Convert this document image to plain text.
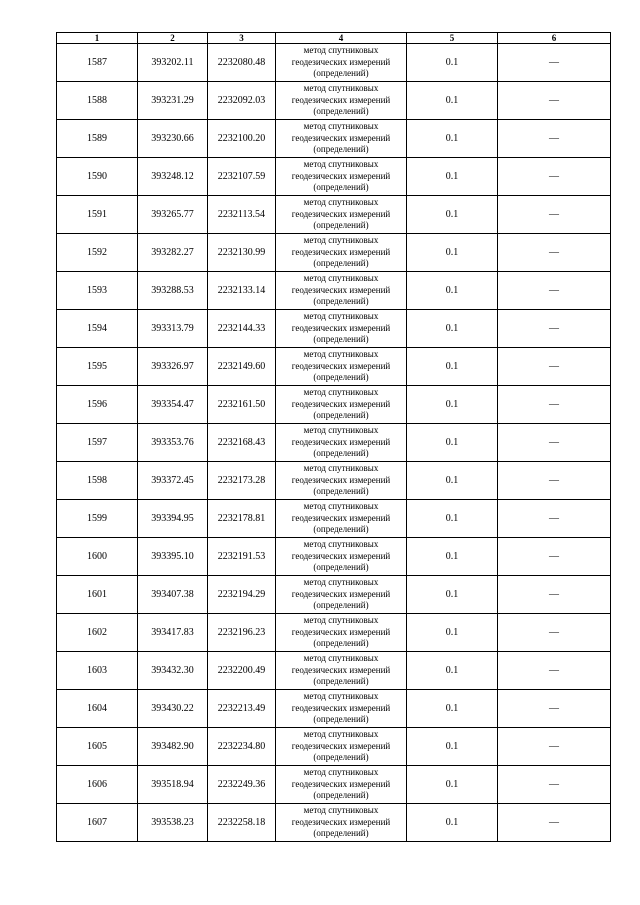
1	2	3	4	5	6
1587	393202.11	2232080.48	метод спутниковых
геодезических измерений
(определений)	0.1	—
1588	393231.29	2232092.03	метод спутниковых
геодезических измерений
(определений)	0.1	—
1589	393230.66	2232100.20	метод спутниковых
геодезических измерений
(определений)	0.1	—
1590	393248.12	2232107.59	метод спутниковых
геодезических измерений
(определений)	0.1	—
1591	393265.77	2232113.54	метод спутниковых
геодезических измерений
(определений)	0.1	—
1592	393282.27	2232130.99	метод спутниковых
геодезических измерений
(определений)	0.1	—
1593	393288.53	2232133.14	метод спутниковых
геодезических измерений
(определений)	0.1	—
1594	393313.79	2232144.33	метод спутниковых
геодезических измерений
(определений)	0.1	—
1595	393326.97	2232149.60	метод спутниковых
геодезических измерений
(определений)	0.1	—
1596	393354.47	2232161.50	метод спутниковых
геодезических измерений
(определений)	0.1	—
1597	393353.76	2232168.43	метод спутниковых
геодезических измерений
(определений)	0.1	—
1598	393372.45	2232173.28	метод спутниковых
геодезических измерений
(определений)	0.1	—
1599	393394.95	2232178.81	метод спутниковых
геодезических измерений
(определений)	0.1	—
1600	393395.10	2232191.53	метод спутниковых
геодезических измерений
(определений)	0.1	—
1601	393407.38	2232194.29	метод спутниковых
геодезических измерений
(определений)	0.1	—
1602	393417.83	2232196.23	метод спутниковых
геодезических измерений
(определений)	0.1	—
1603	393432.30	2232200.49	метод спутниковых
геодезических измерений
(определений)	0.1	—
1604	393430.22	2232213.49	метод спутниковых
геодезических измерений
(определений)	0.1	—
1605	393482.90	2232234.80	метод спутниковых
геодезических измерений
(определений)	0.1	—
1606	393518.94	2232249.36	метод спутниковых
геодезических измерений
(определений)	0.1	—
1607	393538.23	2232258.18	метод спутниковых
геодезических измерений
(определений)	0.1	—
